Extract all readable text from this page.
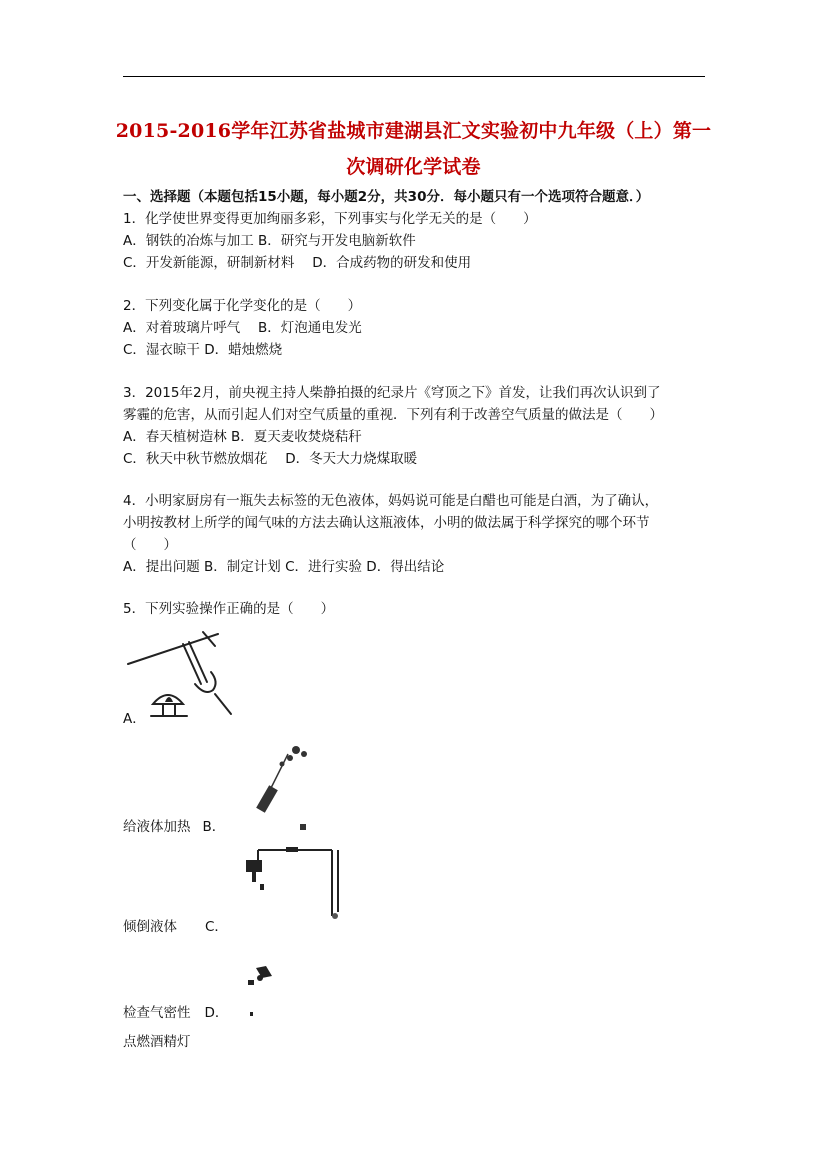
2015-2016学年江苏省盐城市建湖县汇文实验初中九年级（上）第一
次调研化学试卷
一、选择题（本题包括15小题，每小题2分，共30分．每小题只有一个选项符合题意．）
1．化学使世界变得更加绚丽多彩，下列事实与化学无关的是（　　）
A．钢铁的冶炼与加工 B．研究与开发电脑新软件
C．开发新能源，研制新材料　 D．合成药物的研发和使用
2．下列变化属于化学变化的是（　　）
A．对着玻璃片呼气　 B．灯泡通电发光
C．湿衣晾干 D．蜡烛燃烧
3．2015年2月，前央视主持人柴静拍摄的纪录片《穹顶之下》首发，让我们再次认识到了
雾霾的危害，从而引起人们对空气质量的重视．下列有利于改善空气质量的做法是（　　）
A．春天植树造林 B．夏天麦收焚烧秸秆
C．秋天中秋节燃放烟花　 D．冬天大力烧煤取暖
4．小明家厨房有一瓶失去标签的无色液体，妈妈说可能是白醋也可能是白酒，为了确认，
小明按教材上所学的闻气味的方法去确认这瓶液体，小明的做法属于科学探究的哪个环节
（　　）
A．提出问题 B．制定计划 C．进行实验 D．得出结论
5．下列实验操作正确的是（　　）
A．
给液体加热 B．
倾倒液体 C．
检查气密性 D．
点燃酒精灯
